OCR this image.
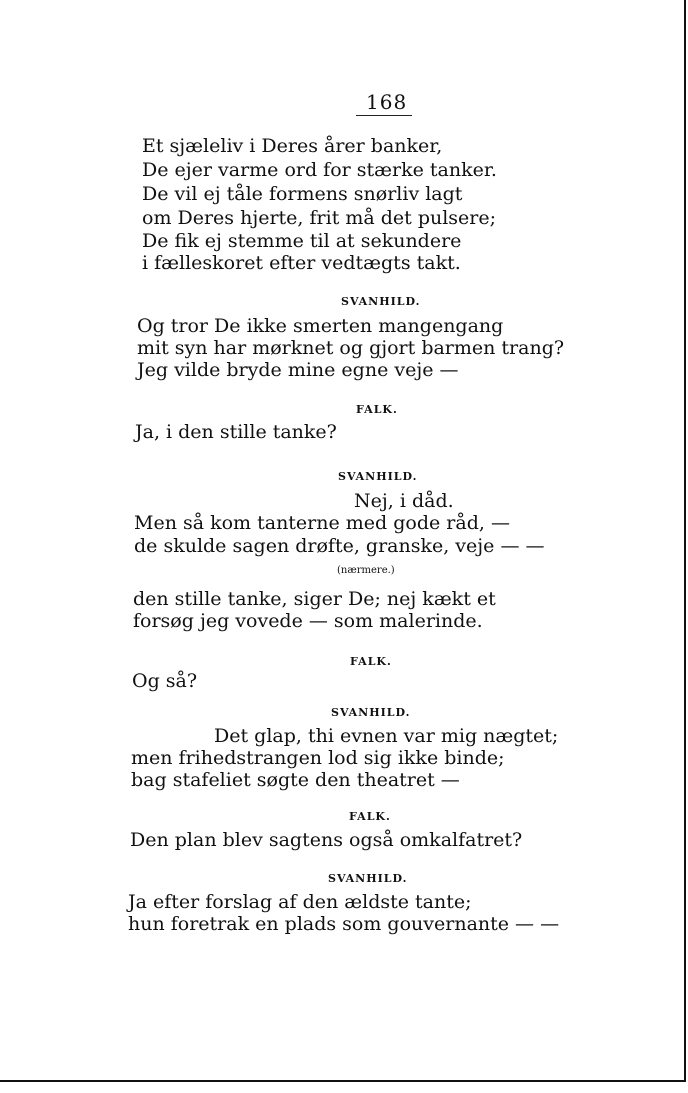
168
Et sjæleliv i Deres årer banker,
De ejer varme ord for stærke tanker.
De vil ej tåle formens snørliv lagt
om Deres hjerte, frit må det pulsere;
De fik ej stemme til at sekundere
i fælleskoret efter vedtægts takt.
SVANHILD.
Og tror De ikke smerten mangengang
mit syn har mørknet og gjort barmen trang?
Jeg vilde bryde mine egne veje —
FALK.
Ja, i den stille tanke?
SVANHILD.
Nej, i dåd.
Men så kom tanterne med gode råd, —
de skulde sagen drøfte, granske, veje — —
(nærmere.)
den stille tanke, siger De; nej kækt et
forsøg jeg vovede — som malerinde.
FALK.
Og så?
SVANHILD.
Det glap, thi evnen var mig nægtet;
men frihedstrangen lod sig ikke binde;
bag stafeliet søgte den theatret —
FALK.
Den plan blev sagtens også omkalfatret?
SVANHILD.
Ja efter forslag af den ældste tante;
hun foretrak en plads som gouvernante — —
